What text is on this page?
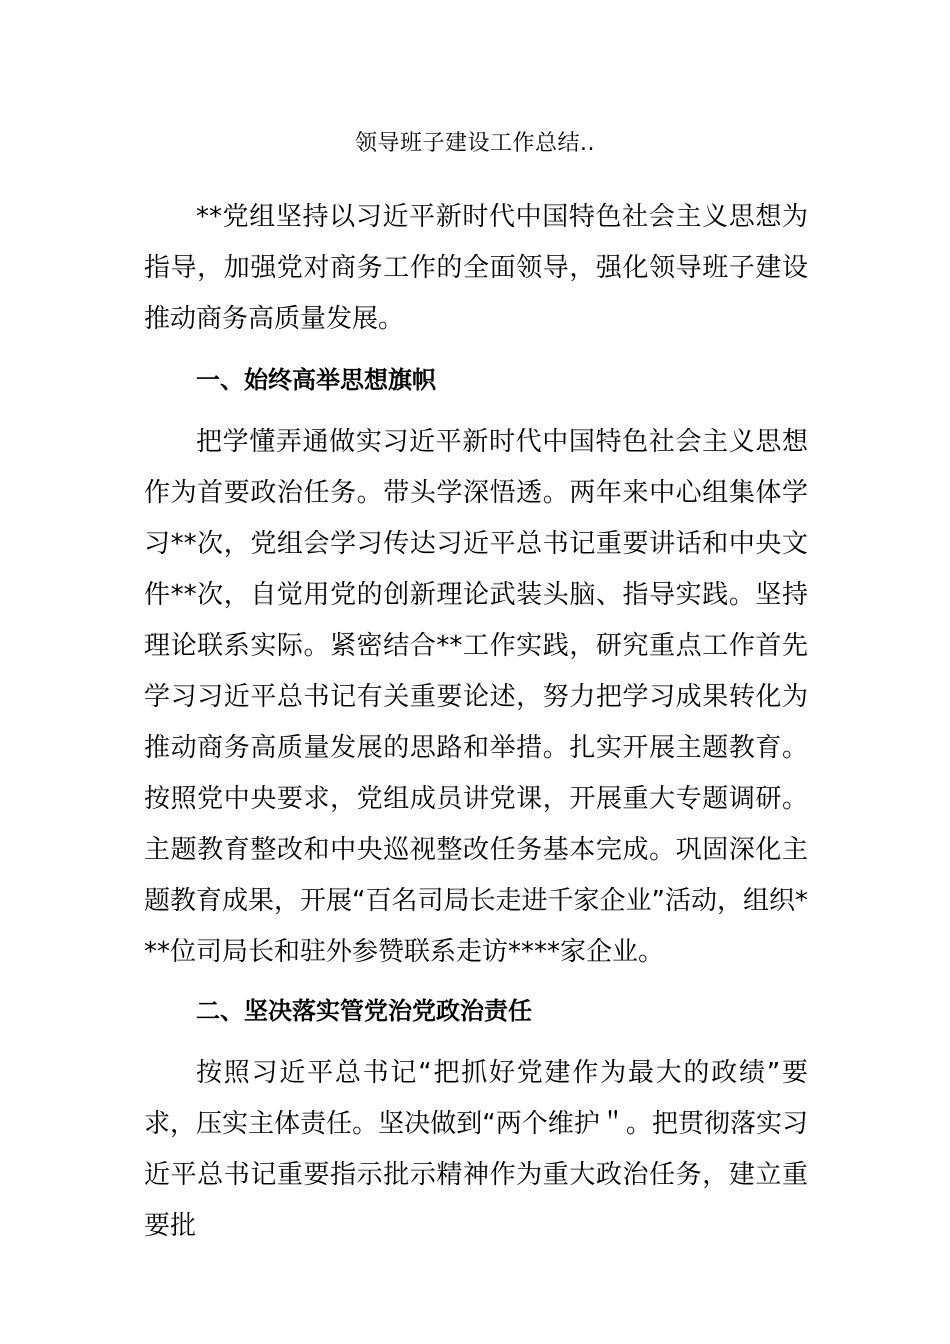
领导班子建设工作总结..

**党组坚持以习近平新时代中国特色社会主义思想为指导，加强党对商务工作的全面领导，强化领导班子建设推动商务高质量发展。

一、始终高举思想旗帜

把学懂弄通做实习近平新时代中国特色社会主义思想作为首要政治任务。带头学深悟透。两年来中心组集体学习**次，党组会学习传达习近平总书记重要讲话和中央文件**次，自觉用党的创新理论武装头脑、指导实践。坚持理论联系实际。紧密结合**工作实践，研究重点工作首先学习习近平总书记有关重要论述，努力把学习成果转化为推动商务高质量发展的思路和举措。扎实开展主题教育。按照党中央要求，党组成员讲党课，开展重大专题调研。主题教育整改和中央巡视整改任务基本完成。巩固深化主题教育成果，开展“百名司局长走进千家企业”活动，组织***位司局长和驻外参赞联系走访****家企业。

二、坚决落实管党治党政治责任

按照习近平总书记“把抓好党建作为最大的政绩”要求，压实主体责任。坚决做到“两个维护＂。把贯彻落实习近平总书记重要指示批示精神作为重大政治任务，建立重要批
